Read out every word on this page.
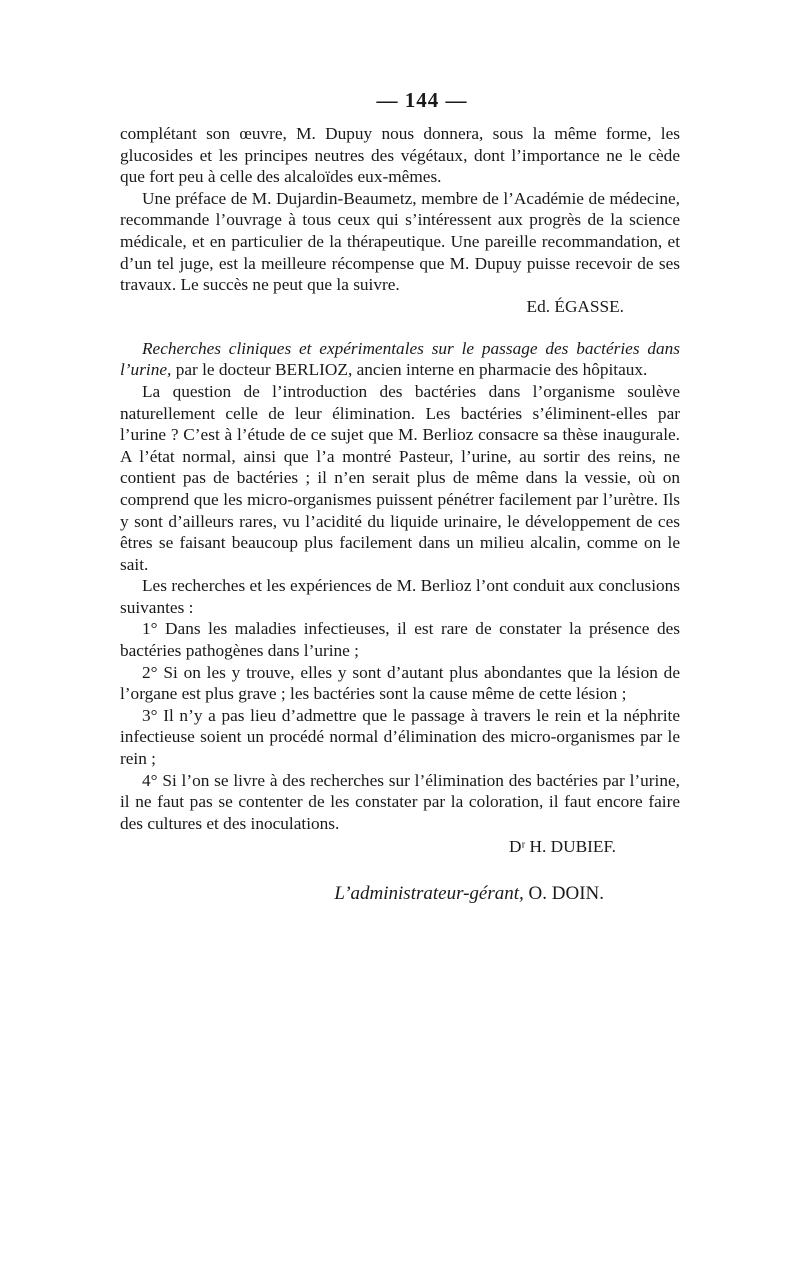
— 144 —

complétant son œuvre, M. Dupuy nous donnera, sous la même forme, les glucosides et les principes neutres des végétaux, dont l’importance ne le cède que fort peu à celle des alcaloïdes eux-mêmes.

Une préface de M. Dujardin-Beaumetz, membre de l’Académie de médecine, recommande l’ouvrage à tous ceux qui s’intéressent aux progrès de la science médicale, et en particulier de la thérapeutique. Une pareille recommandation, et d’un tel juge, est la meilleure récompense que M. Dupuy puisse recevoir de ses travaux. Le succès ne peut que la suivre.

Ed. ÉGASSE.

Recherches cliniques et expérimentales sur le passage des bactéries dans l’urine, par le docteur BERLIOZ, ancien interne en pharmacie des hôpitaux.

La question de l’introduction des bactéries dans l’organisme soulève naturellement celle de leur élimination. Les bactéries s’éliminent-elles par l’urine ? C’est à l’étude de ce sujet que M. Berlioz consacre sa thèse inaugurale. A l’état normal, ainsi que l’a montré Pasteur, l’urine, au sortir des reins, ne contient pas de bactéries ; il n’en serait plus de même dans la vessie, où on comprend que les micro-organismes puissent pénétrer facilement par l’urètre. Ils y sont d’ailleurs rares, vu l’acidité du liquide urinaire, le développement de ces êtres se faisant beaucoup plus facilement dans un milieu alcalin, comme on le sait.

Les recherches et les expériences de M. Berlioz l’ont conduit aux conclusions suivantes :

1° Dans les maladies infectieuses, il est rare de constater la présence des bactéries pathogènes dans l’urine ;

2° Si on les y trouve, elles y sont d’autant plus abondantes que la lésion de l’organe est plus grave ; les bactéries sont la cause même de cette lésion ;

3° Il n’y a pas lieu d’admettre que le passage à travers le rein et la néphrite infectieuse soient un procédé normal d’élimination des micro-organismes par le rein ;

4° Si l’on se livre à des recherches sur l’élimination des bactéries par l’urine, il ne faut pas se contenter de les constater par la coloration, il faut encore faire des cultures et des inoculations.

Dʳ H. DUBIEF.
L’administrateur-gérant, O. DOIN.
